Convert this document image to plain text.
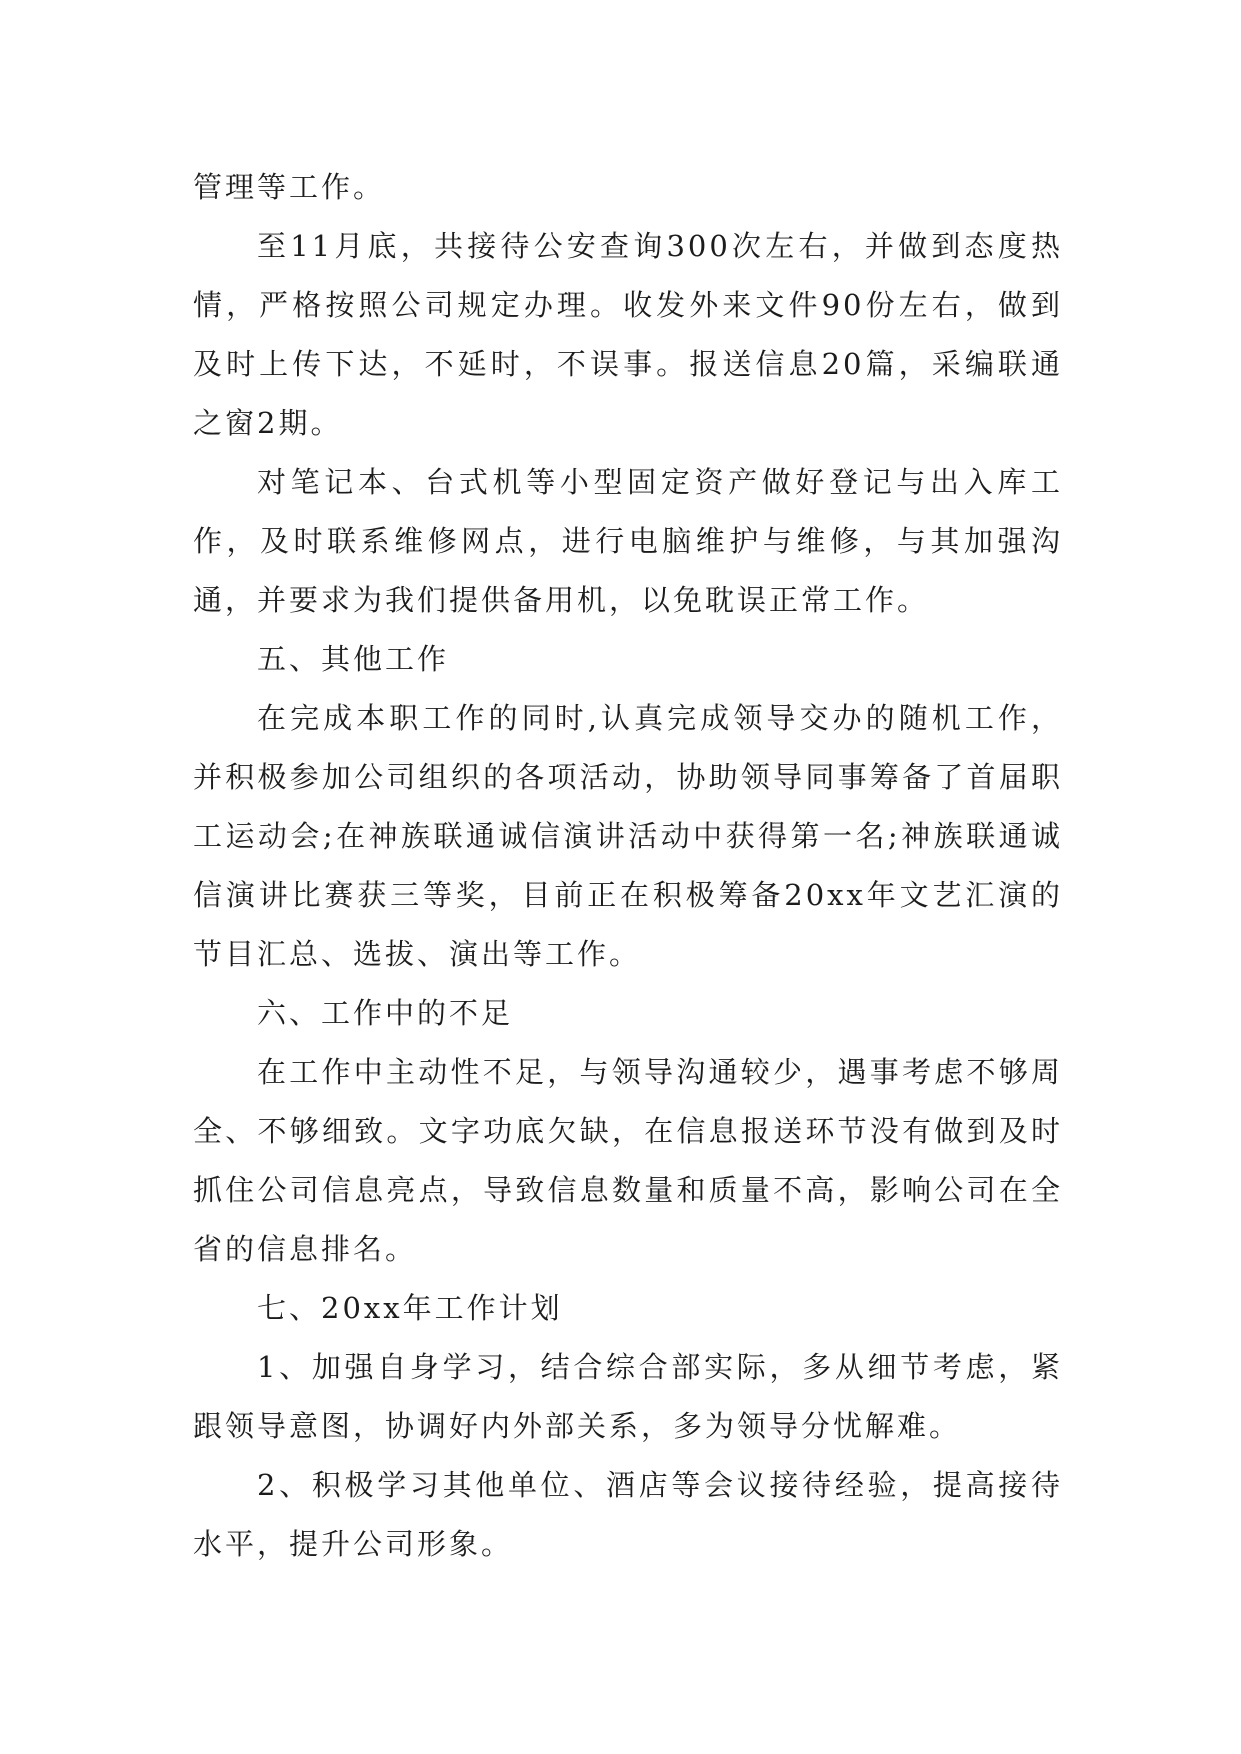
管理等工作。

至11月底，共接待公安查询300次左右，并做到态度热情，严格按照公司规定办理。收发外来文件90份左右，做到及时上传下达，不延时，不误事。报送信息20篇，采编联通之窗2期。

对笔记本、台式机等小型固定资产做好登记与出入库工作，及时联系维修网点，进行电脑维护与维修，与其加强沟通，并要求为我们提供备用机，以免耽误正常工作。

五、其他工作

在完成本职工作的同时,认真完成领导交办的随机工作，并积极参加公司组织的各项活动，协助领导同事筹备了首届职工运动会;在神族联通诚信演讲活动中获得第一名;神族联通诚信演讲比赛获三等奖，目前正在积极筹备20xx年文艺汇演的节目汇总、选拔、演出等工作。

六、工作中的不足

在工作中主动性不足，与领导沟通较少，遇事考虑不够周全、不够细致。文字功底欠缺，在信息报送环节没有做到及时抓住公司信息亮点，导致信息数量和质量不高，影响公司在全省的信息排名。

七、20xx年工作计划

1、加强自身学习，结合综合部实际，多从细节考虑，紧跟领导意图，协调好内外部关系，多为领导分忧解难。

2、积极学习其他单位、酒店等会议接待经验，提高接待水平，提升公司形象。
